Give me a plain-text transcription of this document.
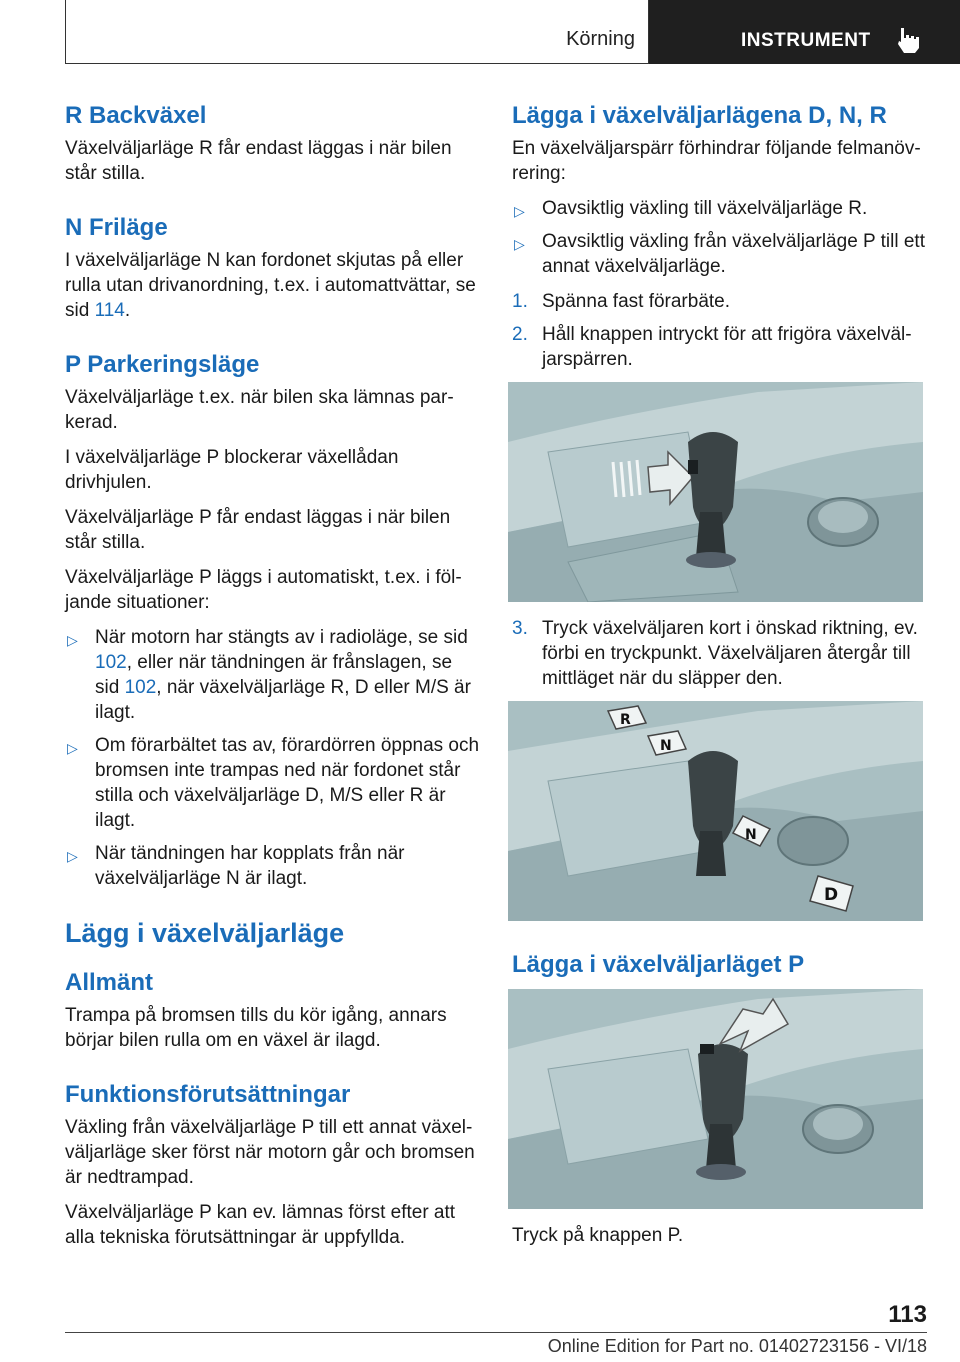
Körning	INSTRUMENT
R Backväxel

Växelväljarläge R får endast läggas i när bilen står stilla.

N Friläge

I växelväljarläge N kan fordonet skjutas på eller rulla utan drivanordning, t.ex. i automattvättar, se sid 114.

P Parkeringsläge

Växelväljarläge t.ex. när bilen ska lämnas parkerad.

I växelväljarläge P blockerar växellådan drivhjulen.

Växelväljarläge P får endast läggas i när bilen står stilla.

Växelväljarläge P läggs i automatiskt, t.ex. i följande situationer:

▷ När motorn har stängts av i radioläge, se sid 102, eller när tändningen är frånslagen, se sid 102, när växelväljarläge R, D eller M/S är ilagt.
▷ Om förarbältet tas av, förardörren öppnas och bromsen inte trampas ned när fordonet står stilla och växelväljarläge D, M/S eller R är ilagt.
▷ När tändningen har kopplats från när växelväljarläge N är ilagt.
Lägg i växelväljarläge
Allmänt

Trampa på bromsen tills du kör igång, annars börjar bilen rulla om en växel är ilagd.

Funktionsförutsättningar

Växling från växelväljarläge P till ett annat växelväljarläge sker först när motorn går och bromsen är nedtrampad.

Växelväljarläge P kan ev. lämnas först efter att alla tekniska förutsättningar är uppfyllda.

Lägga i växelväljarlägena D, N, R

En växelväljarspärr förhindrar följande felmanövrering:

▷ Oavsiktlig växling till växelväljarläge R.
▷ Oavsiktlig växling från växelväljarläge P till ett annat växelväljarläge.
1. Spänna fast förarbäte.
2. Håll knappen intryckt för att frigöra växelväljarspärren.
3. Tryck växelväljaren kort i önskad riktning, ev. förbi en tryckpunkt. Växelväljaren återgår till mittläget när du släpper den.
R
N
N
D
Lägga i växelväljarläget P

Tryck på knappen P.

113
Online Edition for Part no. 01402723156 - VI/18
